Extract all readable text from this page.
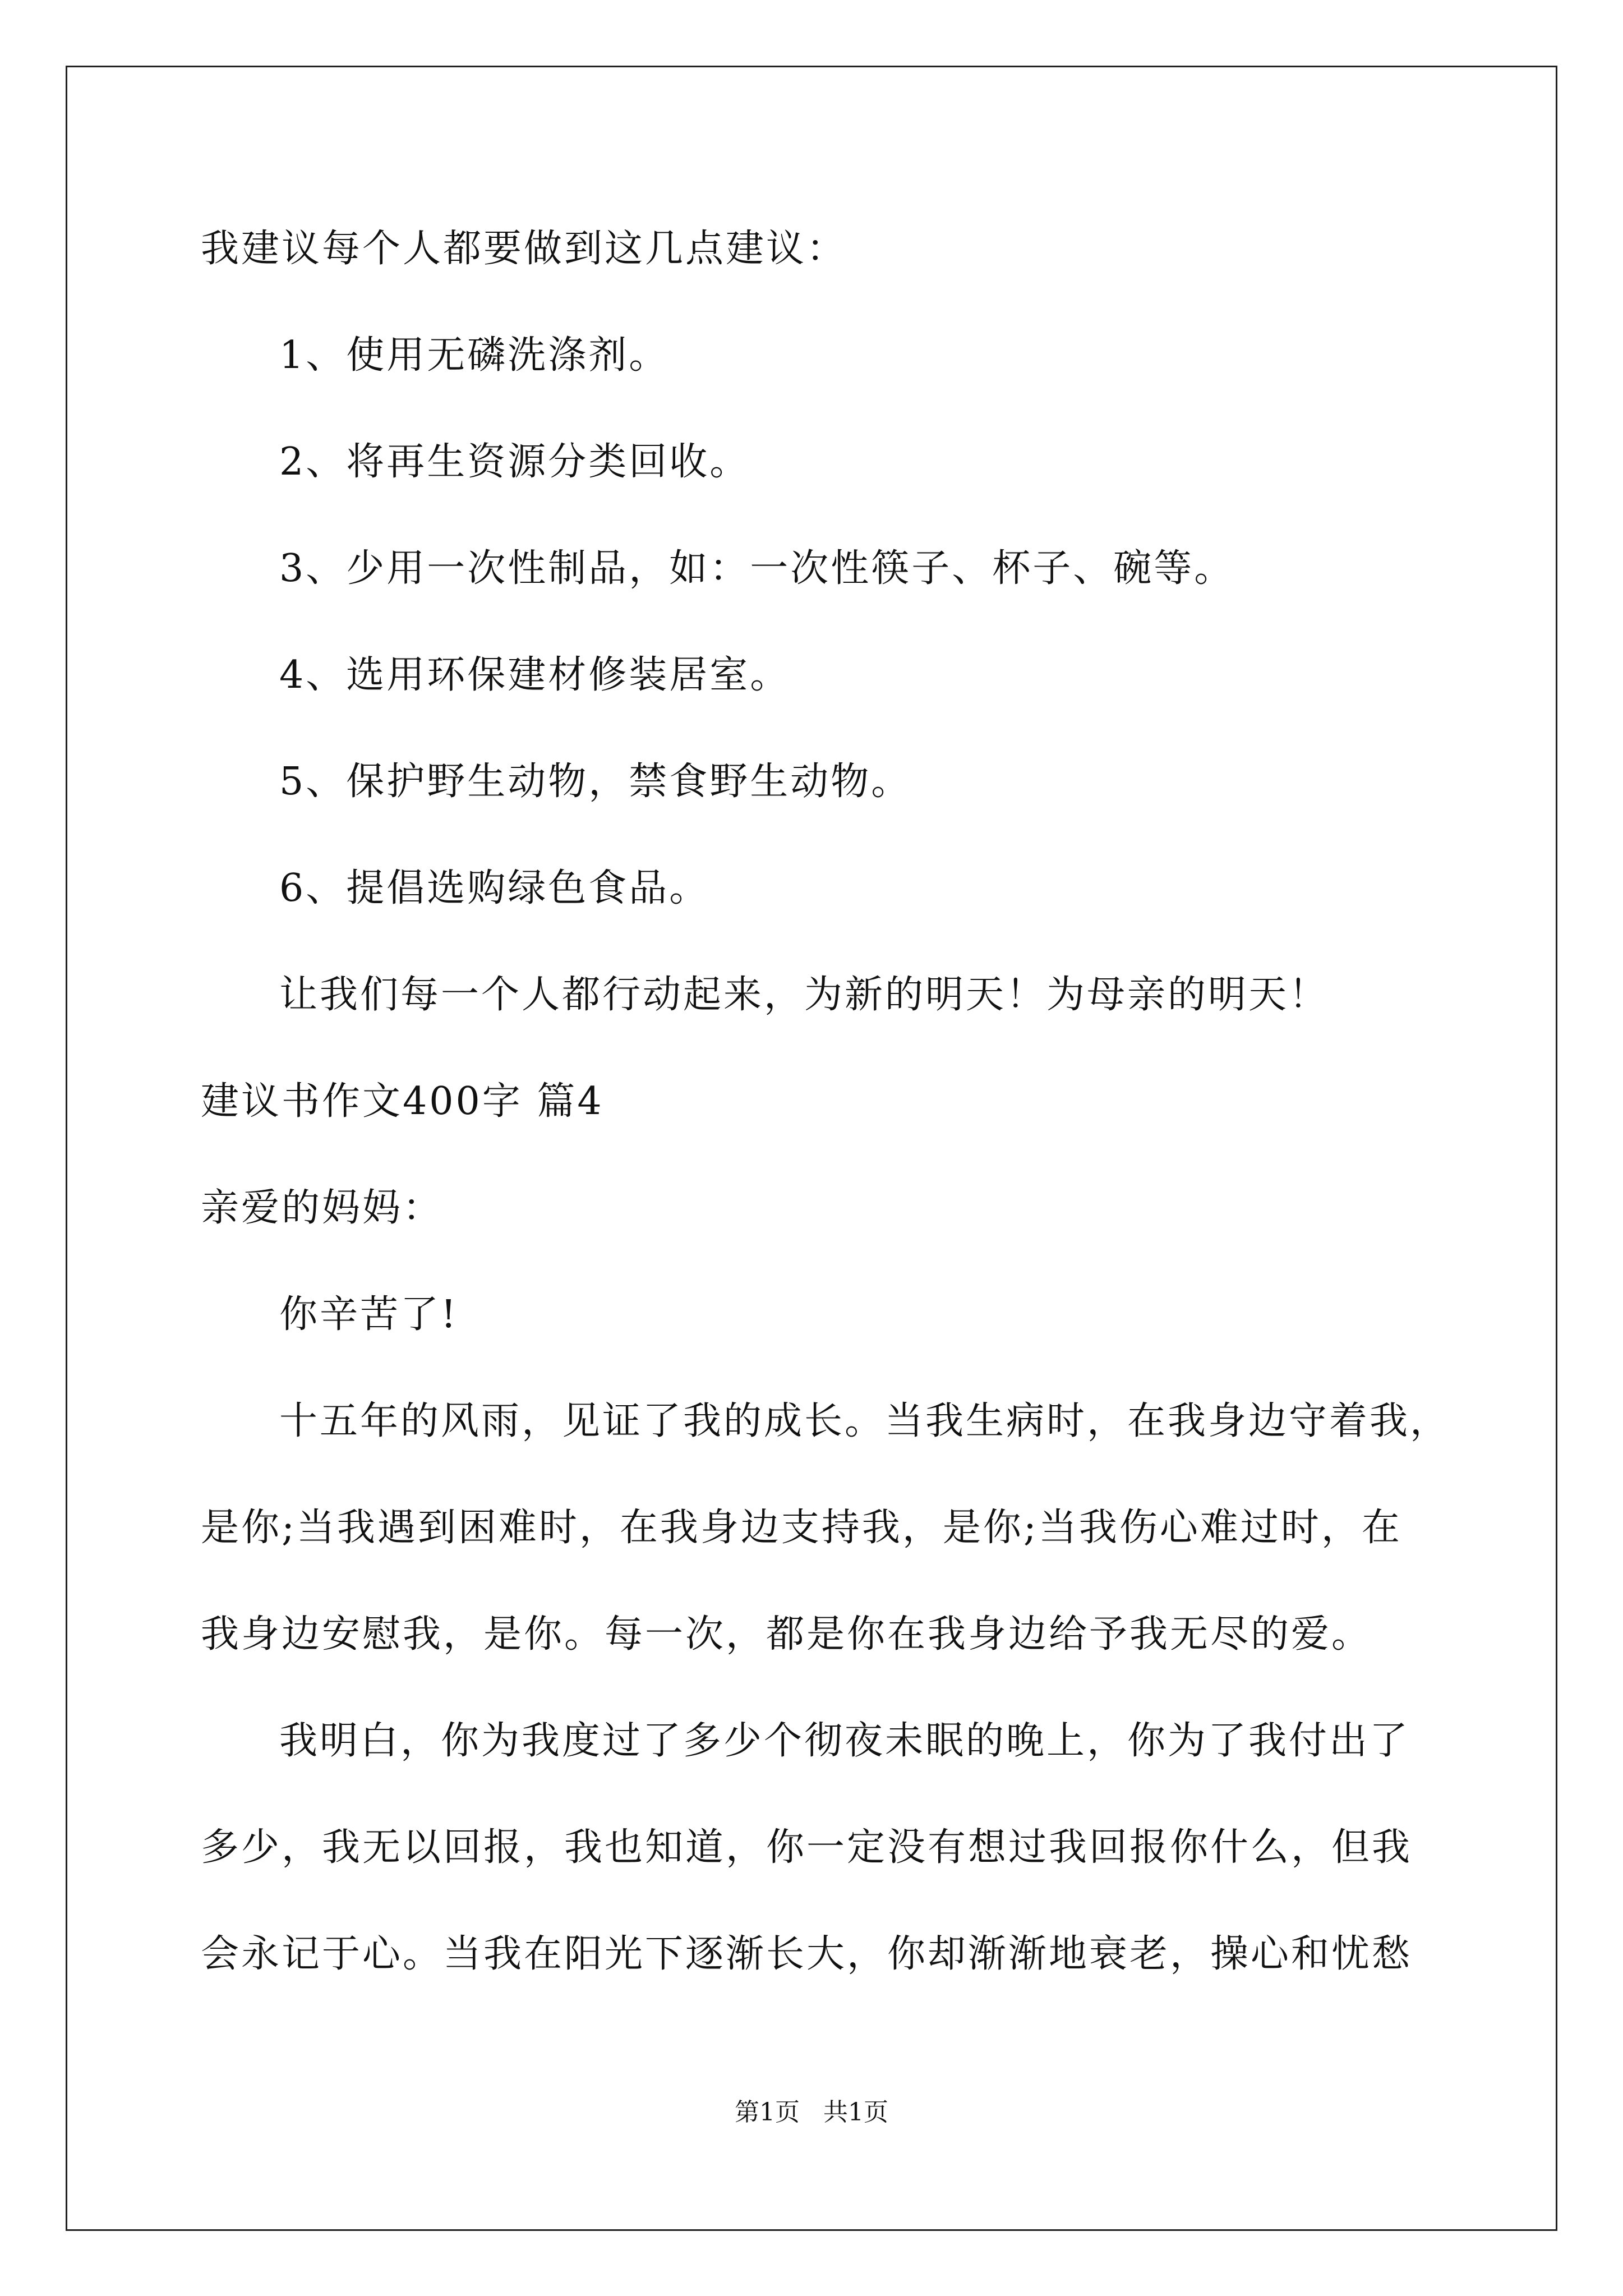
我建议每个人都要做到这几点建议：
1、使用无磷洗涤剂。
2、将再生资源分类回收。
3、少用一次性制品，如：一次性筷子、杯子、碗等。
4、选用环保建材修装居室。
5、保护野生动物，禁食野生动物。
6、提倡选购绿色食品。
让我们每一个人都行动起来，为新的明天！为母亲的明天！
建议书作文400字 篇4
亲爱的妈妈：
你辛苦了!
十五年的风雨，见证了我的成长。当我生病时，在我身边守着我，
是你;当我遇到困难时，在我身边支持我，是你;当我伤心难过时，在
我身边安慰我，是你。每一次，都是你在我身边给予我无尽的爱。
我明白，你为我度过了多少个彻夜未眠的晚上，你为了我付出了
多少，我无以回报，我也知道，你一定没有想过我回报你什么，但我
会永记于心。当我在阳光下逐渐长大，你却渐渐地衰老，操心和忧愁
第1页   共1页
